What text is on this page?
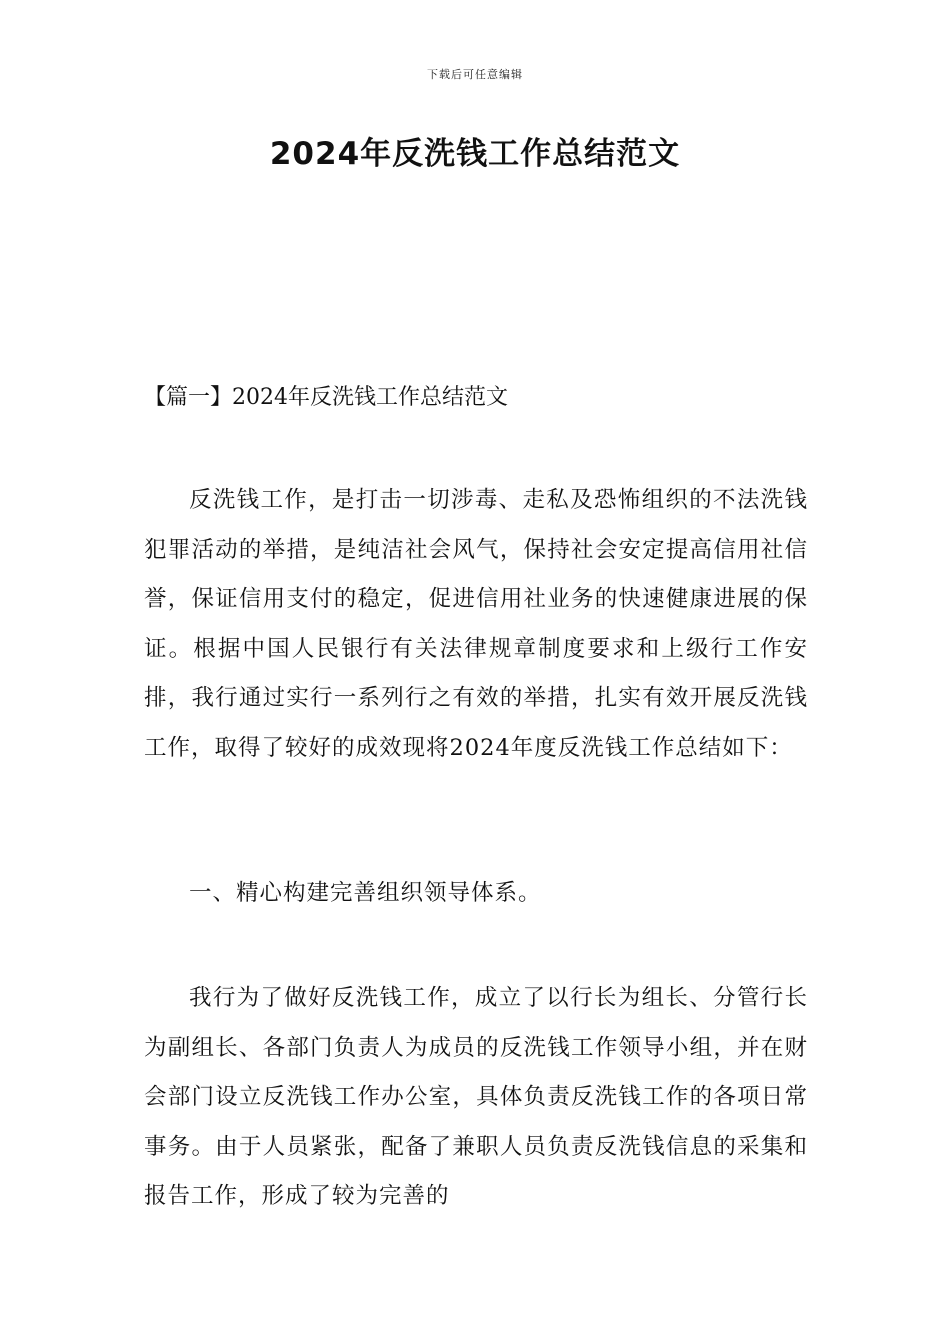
下载后可任意编辑
2024年反洗钱工作总结范文

【篇一】2024年反洗钱工作总结范文

反洗钱工作，是打击一切涉毒、走私及恐怖组织的不法洗钱犯罪活动的举措，是纯洁社会风气，保持社会安定提高信用社信誉，保证信用支付的稳定，促进信用社业务的快速健康进展的保证。根据中国人民银行有关法律规章制度要求和上级行工作安排，我行通过实行一系列行之有效的举措，扎实有效开展反洗钱工作，取得了较好的成效现将2024年度反洗钱工作总结如下：

一、精心构建完善组织领导体系。

我行为了做好反洗钱工作，成立了以行长为组长、分管行长为副组长、各部门负责人为成员的反洗钱工作领导小组，并在财会部门设立反洗钱工作办公室，具体负责反洗钱工作的各项日常事务。由于人员紧张，配备了兼职人员负责反洗钱信息的采集和报告工作，形成了较为完善的
